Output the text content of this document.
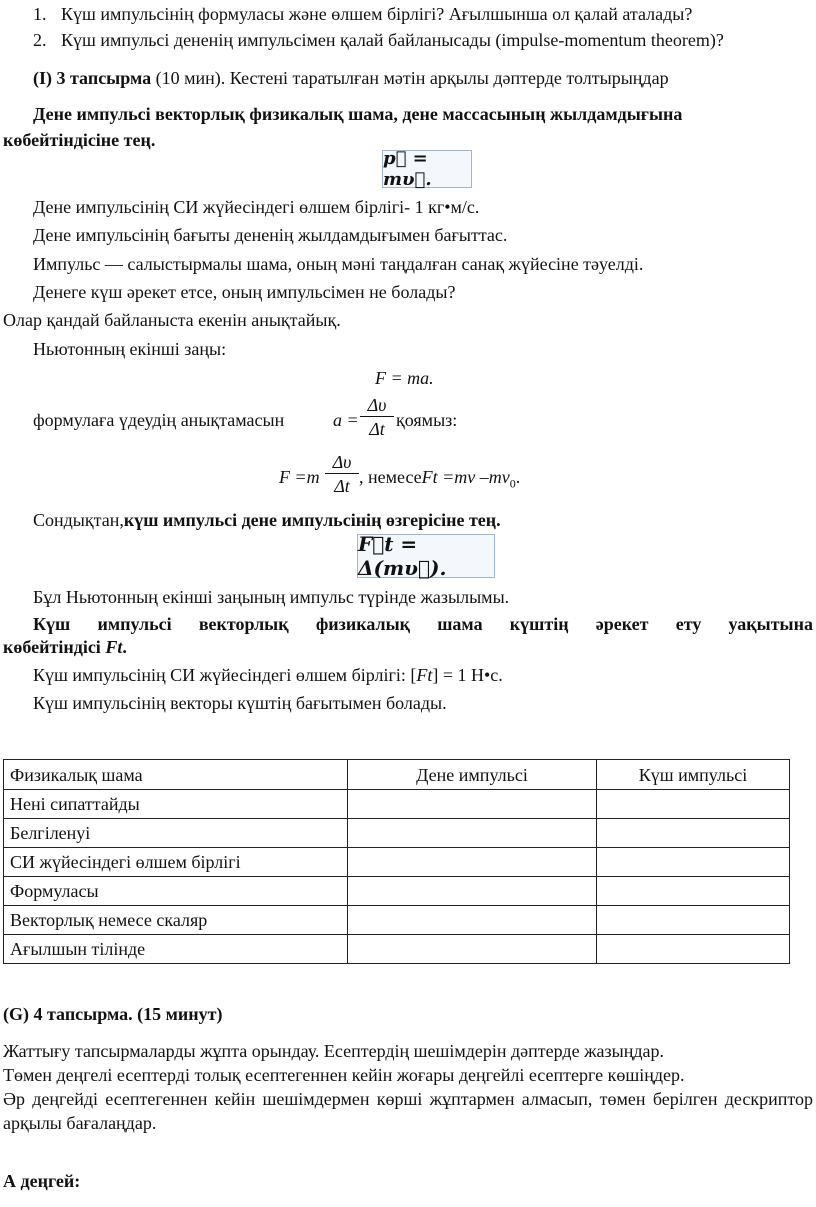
1. Күш импульсінің формуласы және өлшем бірлігі? Ағылшынша ол қалай аталады?
2. Күш импульсі дененің импульсімен қалай байланысады (impulse-momentum theorem)?
(I) 3 тапсырма (10 мин). Кестені таратылған мәтін арқылы дәптерде толтырыңдар
Дене импульсі векторлық физикалық шама, дене массасының жылдамдығына
көбейтіндісіне тең.
p⃗ = mυ⃗.
Дене импульсінің СИ жүйесіндегі өлшем бірлігі- 1 кг•м/с.
Дене импульсінің бағыты дененің жылдамдығымен бағыттас.
Импульс — салыстырмалы шама, оның мәні таңдалған санақ жүйесіне тәуелді.
Денеге күш әрекет етсе, оның импульсімен не болады?
Олар қандай байланыста екенін анықтайық.
Ньютонның екінші заңы:
F = ma.
формулаға үдеудің анықтамасын	$a = \frac{\Delta\upsilon}{\Delta t}$ қоямыз:
$F =m \frac{\Delta\upsilon}{\Delta t}$ , немесеFt =mv $-mv_0$.
Сондықтан,күш импульсі дене импульсінің өзгерісіне тең.
F⃗t = Δ(mυ⃗).
Бұл Ньютонның екінші заңының импульс түрінде жазылымы.
Күш импульсі векторлық физикалық шама күштің әрекет ету уақытына
көбейтіндісі Ft.
Күш импульсінің СИ жүйесіндегі өлшем бірлігі: [Ft] = 1 Н•с.
Күш импульсінің векторы күштің бағытымен болады.
Физикалық шама	Дене импульсі	Күш импульсі
Нені сипаттайды		
Белгіленуі		
СИ жүйесіндегі өлшем бірлігі		
Формуласы		
Векторлық немесе скаляр		
Ағылшын тілінде		
(G) 4 тапсырма. (15 минут)
Жаттығу тапсырмаларды жұпта орындау. Есептердің шешімдерін дәптерде жазыңдар.
Төмен деңгелі есептерді толық есептегеннен кейін жоғары деңгейлі есептерге көшіңдер.
Әр деңгейді есептегеннен кейін шешімдермен көрші жұптармен алмасып, төмен берілген дескриптор арқылы бағалаңдар.
А деңгей:
